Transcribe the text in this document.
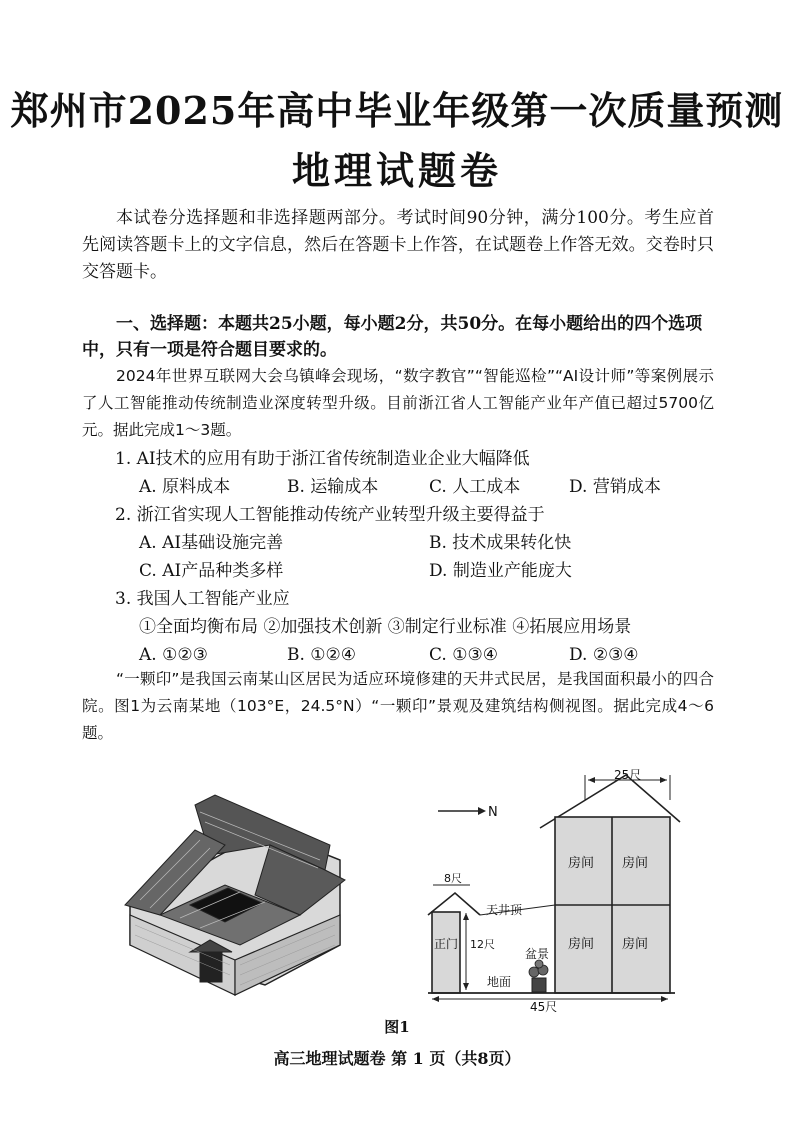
郑州市2025年高中毕业年级第一次质量预测
地理试题卷
本试卷分选择题和非选择题两部分。考试时间90分钟，满分100分。考生应首先阅读答题卡上的文字信息，然后在答题卡上作答，在试题卷上作答无效。交卷时只交答题卡。
一、选择题：本题共25小题，每小题2分，共50分。在每小题给出的四个选项中，只有一项是符合题目要求的。
2024年世界互联网大会乌镇峰会现场，“数字教官”“智能巡检”“AI设计师”等案例展示了人工智能推动传统制造业深度转型升级。目前浙江省人工智能产业年产值已超过5700亿元。据此完成1～3题。
1. AI技术的应用有助于浙江省传统制造业企业大幅降低
A. 原料成本	B. 运输成本	C. 人工成本	D. 营销成本
2. 浙江省实现人工智能推动传统产业转型升级主要得益于
A. AI基础设施完善	B. 技术成果转化快
C. AI产品种类多样	D. 制造业产能庞大
3. 我国人工智能产业应
①全面均衡布局 ②加强技术创新 ③制定行业标准 ④拓展应用场景
A. ①②③	B. ①②④	C. ①③④	D. ②③④
“一颗印”是我国云南某山区居民为适应环境修建的天井式民居，是我国面积最小的四合院。图1为云南某地（103°E，24.5°N）“一颗印”景观及建筑结构侧视图。据此完成4～6题。
N
25尺
房间 房间
房间 房间
正门
8尺
天井顶
12尺
盆景
地面
45尺
图1
高三地理试题卷 第 1 页（共8页）
